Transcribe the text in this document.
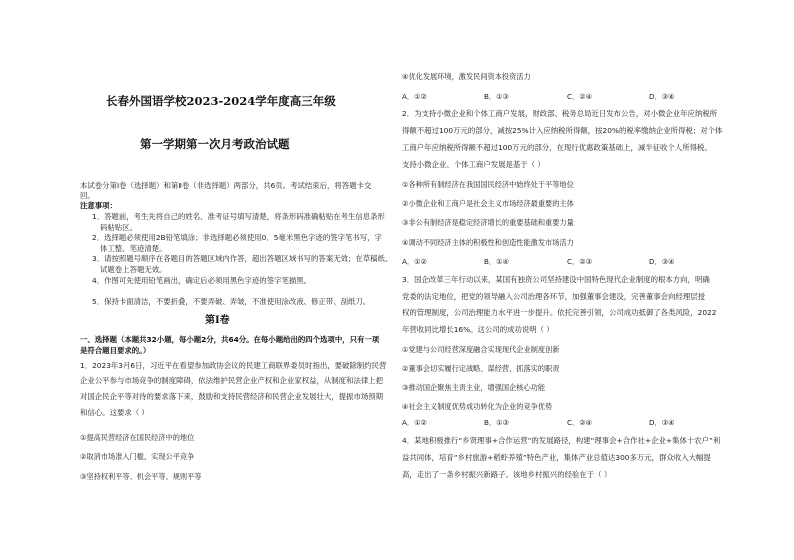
长春外国语学校2023-2024学年度高三年级
第一学期第一次月考政治试题
本试卷分第Ⅰ卷（选择题）和第Ⅱ卷（非选择题）两部分，共6页。考试结束后，将答题卡交
回。
注意事项：
1．答题前，考生先将自己的姓名、准考证号填写清楚，将条形码准确粘贴在考生信息条形
码粘贴区。
2．选择题必须使用2B铅笔填涂；非选择题必须使用0．5毫米黑色字迹的签字笔书写，字
体工整、笔迹清楚。
3．请按照题号顺序在各题目的答题区域内作答，超出答题区域书写的答案无效；在草稿纸、
试题卷上答题无效。
4．作图可先使用铅笔画出，确定后必须用黑色字迹的签字笔描黑。
5．保持卡面清洁，不要折叠，不要弄破、弄皱，不准使用涂改液、修正带、刮纸刀。
第Ⅰ卷
一、选择题（本题共32小题，每小题2分，共64分。在每小题给出的四个选项中，只有一项
是符合题目要求的。）
1．2023年3月6日，习近平在看望参加政协会议的民建工商联界委员时指出，要破除制约民营
企业公平参与市场竞争的制度障碍，依法维护民营企业产权和企业家权益，从制度和法律上把
对国企民企平等对待的要求落下来，鼓励和支持民营经济和民营企业发展壮大，提振市场预期
和信心。这要求（ ）
①提高民营经济在国民经济中的地位
②取消市场准入门槛，实现公平竞争
③坚持权利平等、机会平等、规则平等
④优化发展环境，激发民间资本投资活力
A．①②	B．①③	C．②④	D．③④
2．为支持小微企业和个体工商户发展，财政部、税务总局近日发布公告，对小微企业年应纳税所
得额不超过100万元的部分，减按25%计入应纳税所得额，按20%的税率缴纳企业所得税；对个体
工商户年应纳税所得额不超过100万元的部分，在现行优惠政策基础上，减半征收个人所得税。
支持小微企业、个体工商户发展是基于（ ）
①各种所有制经济在我国国民经济中始终处于平等地位
②小微企业和工商户是社会主义市场经济最重要的主体
③非公有制经济是稳定经济增长的重要基础和重要力量
④调动不同经济主体的积极性和创造性能激发市场活力
A．①②	B．①④	C．②③	D．③④
3．国企改革三年行动以来，某国有独资公司坚持建设中国特色现代企业制度的根本方向，明确
党委的法定地位，把党的领导融入公司治理各环节，加强董事会建设，完善董事会向经理层授
权的管理制度，公司治理能力水平进一步提升。依托完善引领，公司成功抵御了各类风险，2022
年营收同比增长16%。这公司的成功说明（ ）
①党建与公司经营深度融合实现现代企业制度创新
②董事会切实履行定战略、谋经营、抓落实的职责
③推动国企聚焦主责主业，增强国企核心功能
④社会主义制度优势成功转化为企业的竞争优势
A．①②	B．①③	C．②④	D．③④
4．某地积极推行“乡贤理事+合作运营”的发展路径，构建“理事会+合作社+企业+集体十农户”利
益共同体，培育“乡村旅游+稻虾养殖”特色产业，集体产业总值达300多万元，群众收入大幅提
高，走出了一条乡村振兴新路子。该地乡村振兴的经验在于（ ）
